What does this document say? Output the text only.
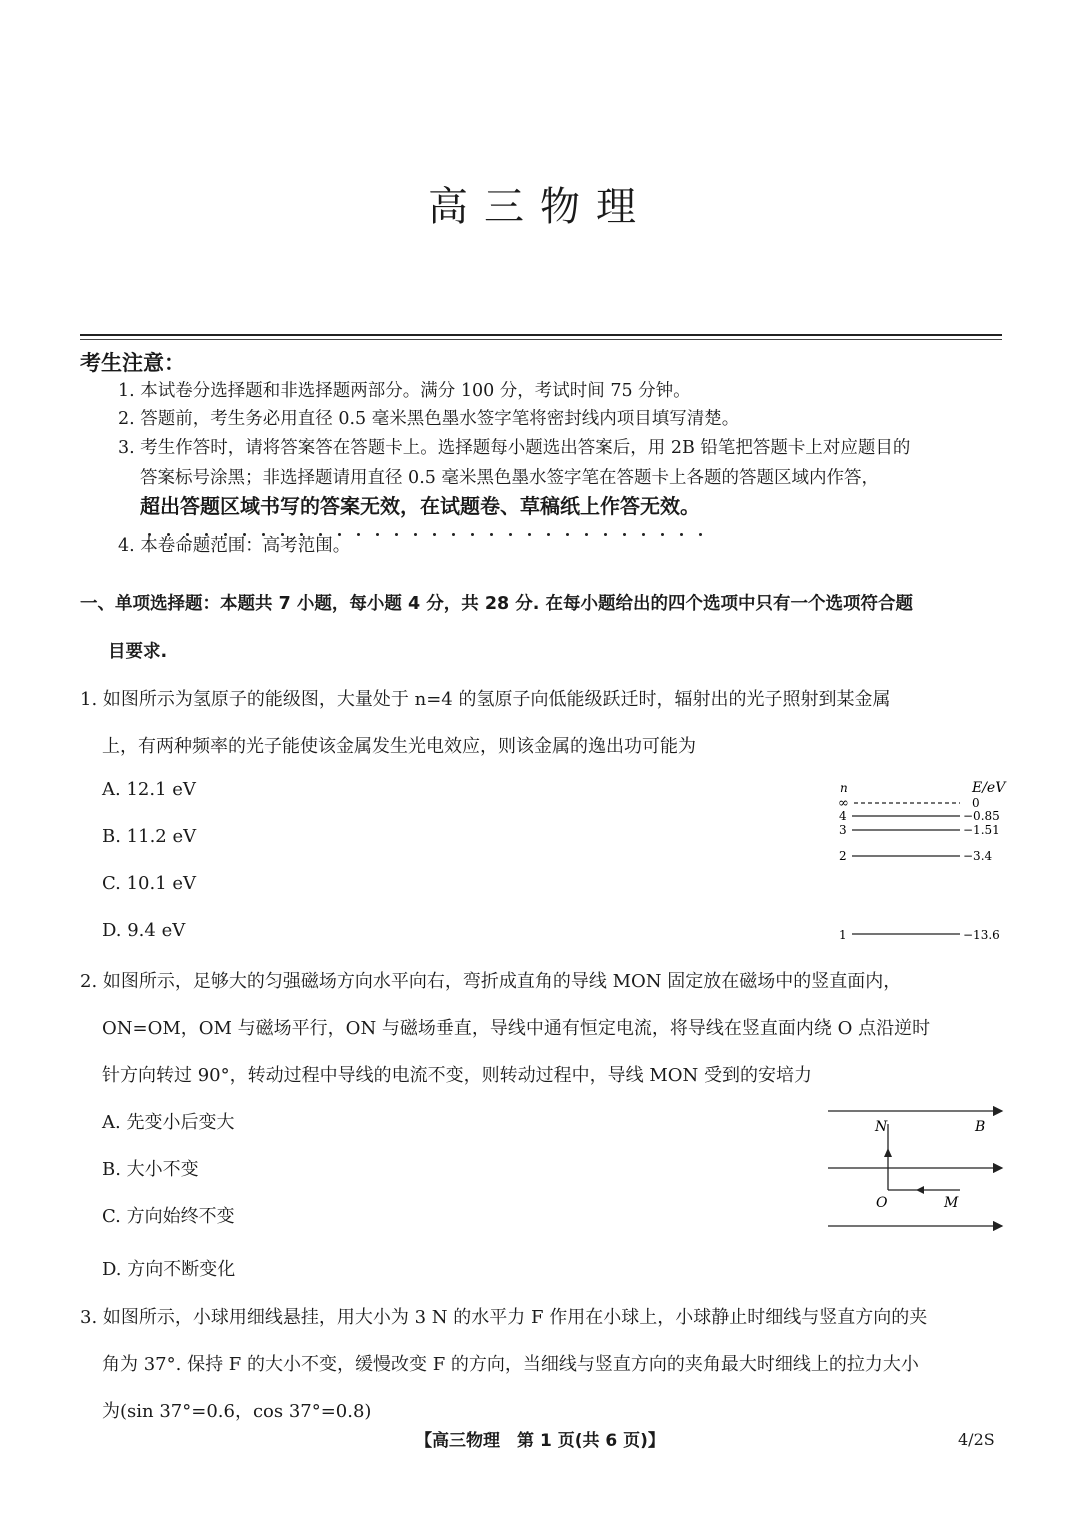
高三物理
考生注意：
1. 本试卷分选择题和非选择题两部分。满分 100 分，考试时间 75 分钟。
2. 答题前，考生务必用直径 0.5 毫米黑色墨水签字笔将密封线内项目填写清楚。
3. 考生作答时，请将答案答在答题卡上。选择题每小题选出答案后，用 2B 铅笔把答题卡上对应题目的
答案标号涂黑；非选择题请用直径 0.5 毫米黑色墨水签字笔在答题卡上各题的答题区域内作答，
超出答题区域书写的答案无效，在试题卷、草稿纸上作答无效。
4. 本卷命题范围：高考范围。
一、单项选择题：本题共 7 小题，每小题 4 分，共 28 分. 在每小题给出的四个选项中只有一个选项符合题
目要求.
1. 如图所示为氢原子的能级图，大量处于 n=4 的氢原子向低能级跃迁时，辐射出的光子照射到某金属
上，有两种频率的光子能使该金属发生光电效应，则该金属的逸出功可能为
A. 12.1 eV
B. 11.2 eV
C. 10.1 eV
D. 9.4 eV
n	E/eV
∞	0
4	−0.85
3	−1.51
2	−3.4
1	−13.6
2. 如图所示，足够大的匀强磁场方向水平向右，弯折成直角的导线 MON 固定放在磁场中的竖直面内，
ON=OM，OM 与磁场平行，ON 与磁场垂直，导线中通有恒定电流，将导线在竖直面内绕 O 点沿逆时
针方向转过 90°，转动过程中导线的电流不变，则转动过程中，导线 MON 受到的安培力
A. 先变小后变大
B. 大小不变
C. 方向始终不变
D. 方向不断变化
N	B
O	M
3. 如图所示，小球用细线悬挂，用大小为 3 N 的水平力 F 作用在小球上，小球静止时细线与竖直方向的夹
角为 37°. 保持 F 的大小不变，缓慢改变 F 的方向，当细线与竖直方向的夹角最大时细线上的拉力大小
为(sin 37°=0.6，cos 37°=0.8)
【高三物理　第 1 页(共 6 页)】	4/2S
